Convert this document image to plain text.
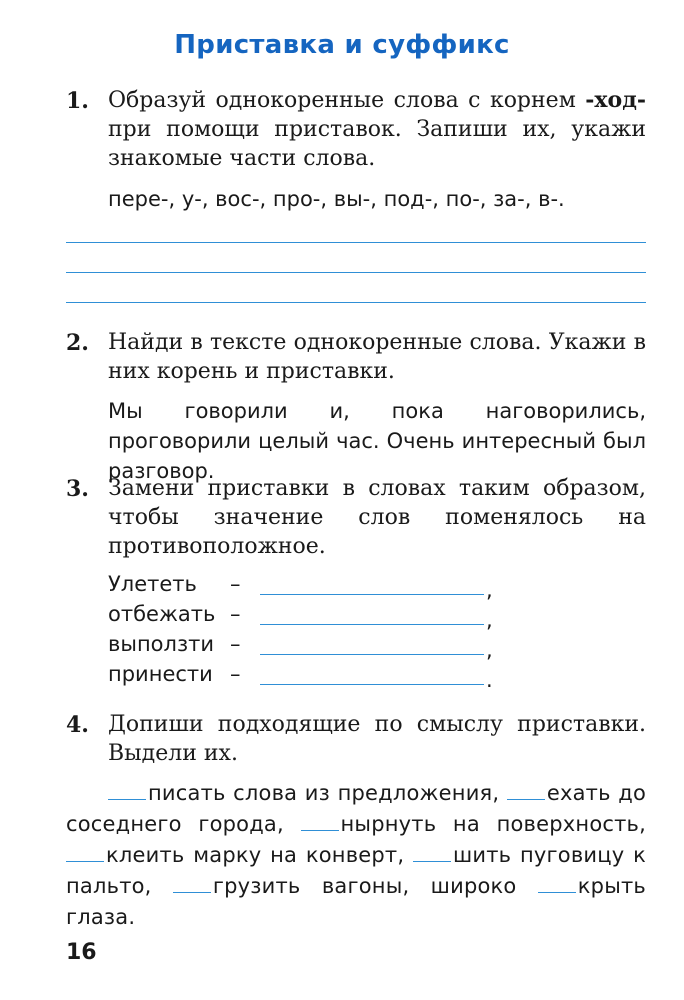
Приставка и суффикс
1. Образуй однокоренные слова с корнем -ход- при помощи приставок. Запиши их, укажи знакомые части слова.
пере-, у-, вос-, про-, вы-, под-, по-, за-, в-.
2. Найди в тексте однокоренные слова. Укажи в них корень и приставки.
Мы говорили и, пока наговорились, проговорили целый час. Очень интересный был разговор.
3. Замени приставки в словах таким образом, чтобы значение слов поменялось на противоположное.
Улететь –	,
отбежать –	,
выползти –	,
принести –	.
4. Допиши подходящие по смыслу приставки. Выдели их.
писать слова из предложения, ехать до соседнего города, нырнуть на поверхность, клеить марку на конверт, шить пуговицу к пальто, грузить вагоны, широко крыть глаза.
16
